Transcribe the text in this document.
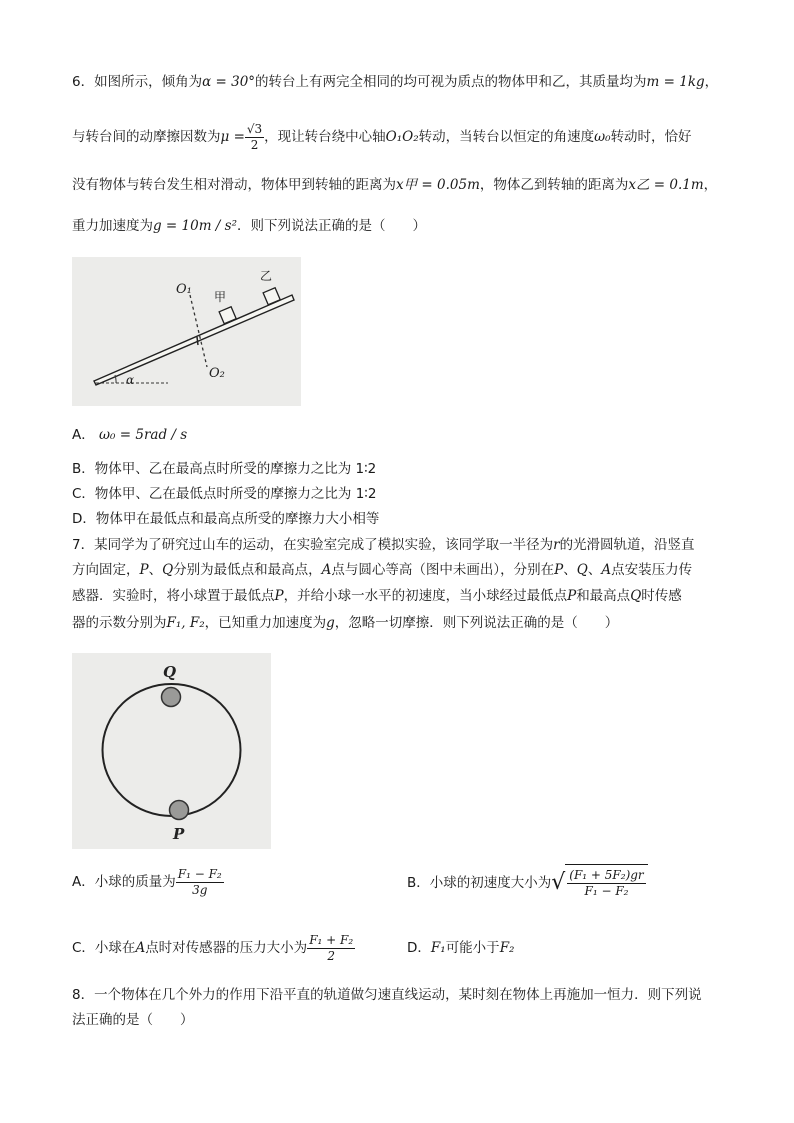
6．如图所示，倾角为α = 30°的转台上有两完全相同的均可视为质点的物体甲和乙，其质量均为m = 1kg，
与转台间的动摩擦因数为$\mu = \frac{√3}{2}$ ，现让转台绕中心轴O₁O₂转动，当转台以恒定的角速度ω₀转动时，恰好
没有物体与转台发生相对滑动，物体甲到转轴的距离为x甲 = 0.05m，物体乙到转轴的距离为x乙 = 0.1m，
重力加速度为g = 10m / s²．则下列说法正确的是（　　）
O₁
O₂
甲
乙
α
A． ω₀ = 5rad / s
B．物体甲、乙在最高点时所受的摩擦力之比为 1∶2
C．物体甲、乙在最低点时所受的摩擦力之比为 1∶2
D．物体甲在最低点和最高点所受的摩擦力大小相等
7．某同学为了研究过山车的运动，在实验室完成了模拟实验，该同学取一半径为r的光滑圆轨道，沿竖直
方向固定，P、Q分别为最低点和最高点，A点与圆心等高（图中未画出），分别在P、Q、A点安装压力传
感器．实验时，将小球置于最低点P，并给小球一水平的初速度，当小球经过最低点P和最高点Q时传感
器的示数分别为F₁, F₂，已知重力加速度为g，忽略一切摩擦．则下列说法正确的是（　　）
Q
P
A．小球的质量为 $\frac{\text{F₁ − F₂}}{3g}$	B．小球的初速度大小为√ $\frac{\text{(F₁ + 5F₂)gr}}{\text{F₁ − F₂}}$
C．小球在A点时对传感器的压力大小为 $\frac{\text{F₁ + F₂}}{2}$	D．F₁可能小于F₂
8．一个物体在几个外力的作用下沿平直的轨道做匀速直线运动，某时刻在物体上再施加一恒力．则下列说
法正确的是（　　）
